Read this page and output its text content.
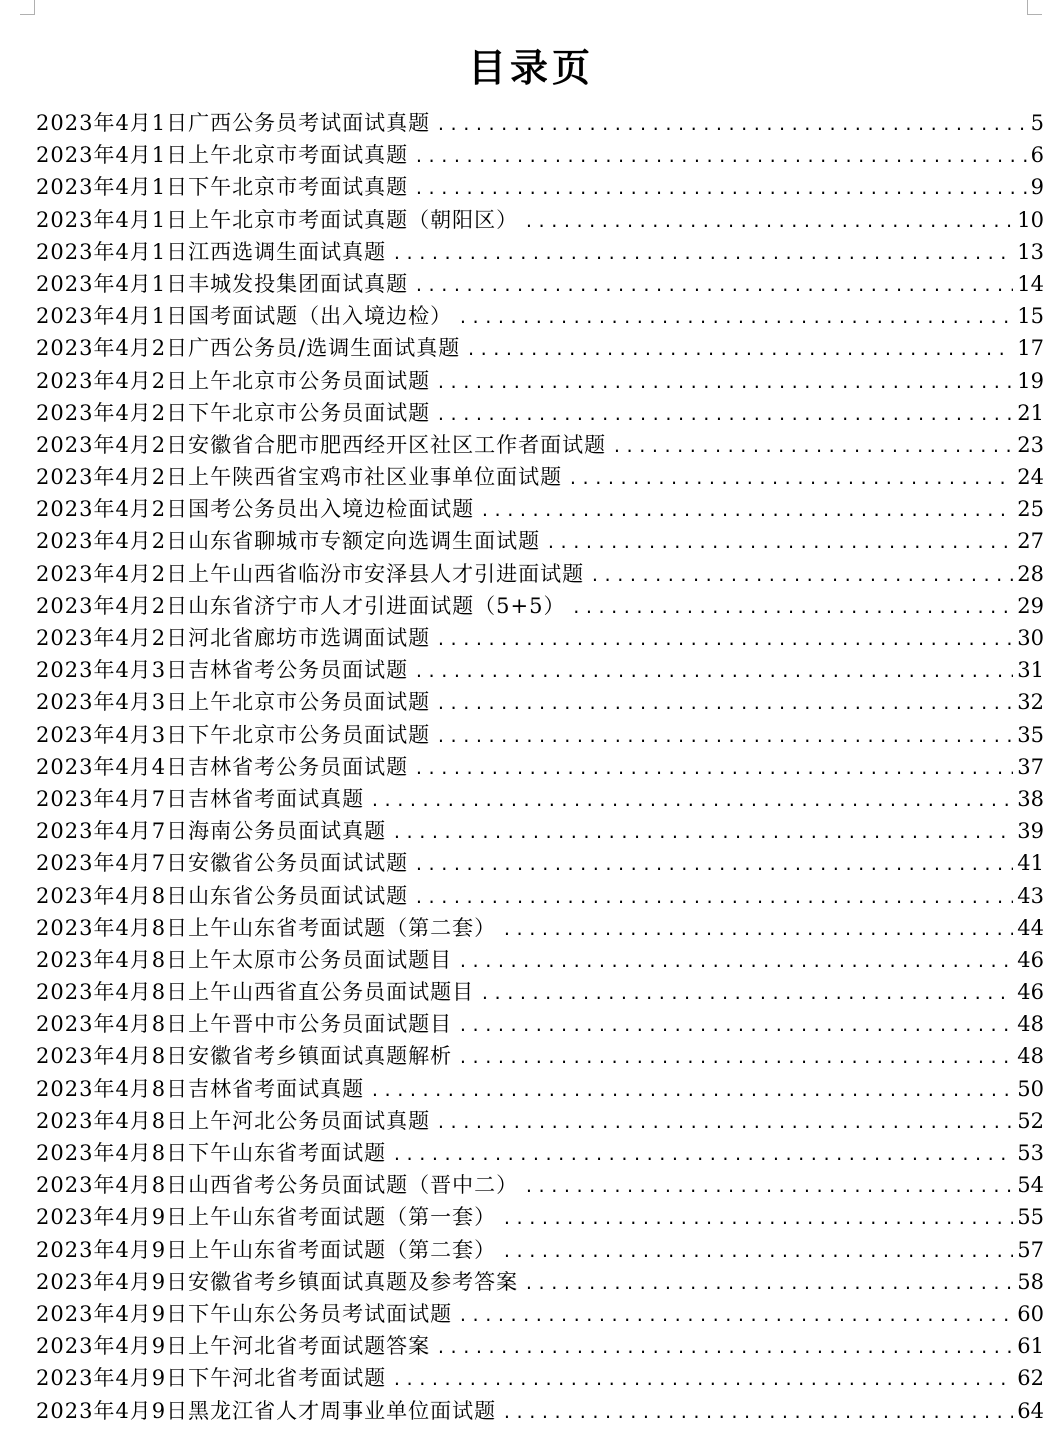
目录页
2023年4月1日广西公务员考试面试真题 .....	5
2023年4月1日上午北京市考面试真题 .....	6
2023年4月1日下午北京市考面试真题 .....	9
2023年4月1日上午北京市考面试真题（朝阳区） .....	10
2023年4月1日江西选调生面试真题 .....	13
2023年4月1日丰城发投集团面试真题 .....	14
2023年4月1日国考面试题（出入境边检） .....	15
2023年4月2日广西公务员/选调生面试真题 .....	17
2023年4月2日上午北京市公务员面试题 .....	19
2023年4月2日下午北京市公务员面试题 .....	21
2023年4月2日安徽省合肥市肥西经开区社区工作者面试题 .....	23
2023年4月2日上午陕西省宝鸡市社区业事单位面试题 .....	24
2023年4月2日国考公务员出入境边检面试题 .....	25
2023年4月2日山东省聊城市专额定向选调生面试题 .....	27
2023年4月2日上午山西省临汾市安泽县人才引进面试题 .....	28
2023年4月2日山东省济宁市人才引进面试题（5+5） .....	29
2023年4月2日河北省廊坊市选调面试题 .....	30
2023年4月3日吉林省考公务员面试题 .....	31
2023年4月3日上午北京市公务员面试题 .....	32
2023年4月3日下午北京市公务员面试题 .....	35
2023年4月4日吉林省考公务员面试题 .....	37
2023年4月7日吉林省考面试真题 .....	38
2023年4月7日海南公务员面试真题 .....	39
2023年4月7日安徽省公务员面试试题 .....	41
2023年4月8日山东省公务员面试试题 .....	43
2023年4月8日上午山东省考面试题（第二套） .....	44
2023年4月8日上午太原市公务员面试题目 .....	46
2023年4月8日上午山西省直公务员面试题目 .....	46
2023年4月8日上午晋中市公务员面试题目 .....	48
2023年4月8日安徽省考乡镇面试真题解析 .....	48
2023年4月8日吉林省考面试真题 .....	50
2023年4月8日上午河北公务员面试真题 .....	52
2023年4月8日下午山东省考面试题 .....	53
2023年4月8日山西省考公务员面试题（晋中二） .....	54
2023年4月9日上午山东省考面试题（第一套） .....	55
2023年4月9日上午山东省考面试题（第二套） .....	57
2023年4月9日安徽省考乡镇面试真题及参考答案 .....	58
2023年4月9日下午山东公务员考试面试题 .....	60
2023年4月9日上午河北省考面试题答案 .....	61
2023年4月9日下午河北省考面试题 .....	62
2023年4月9日黑龙江省人才周事业单位面试题 .....	64
